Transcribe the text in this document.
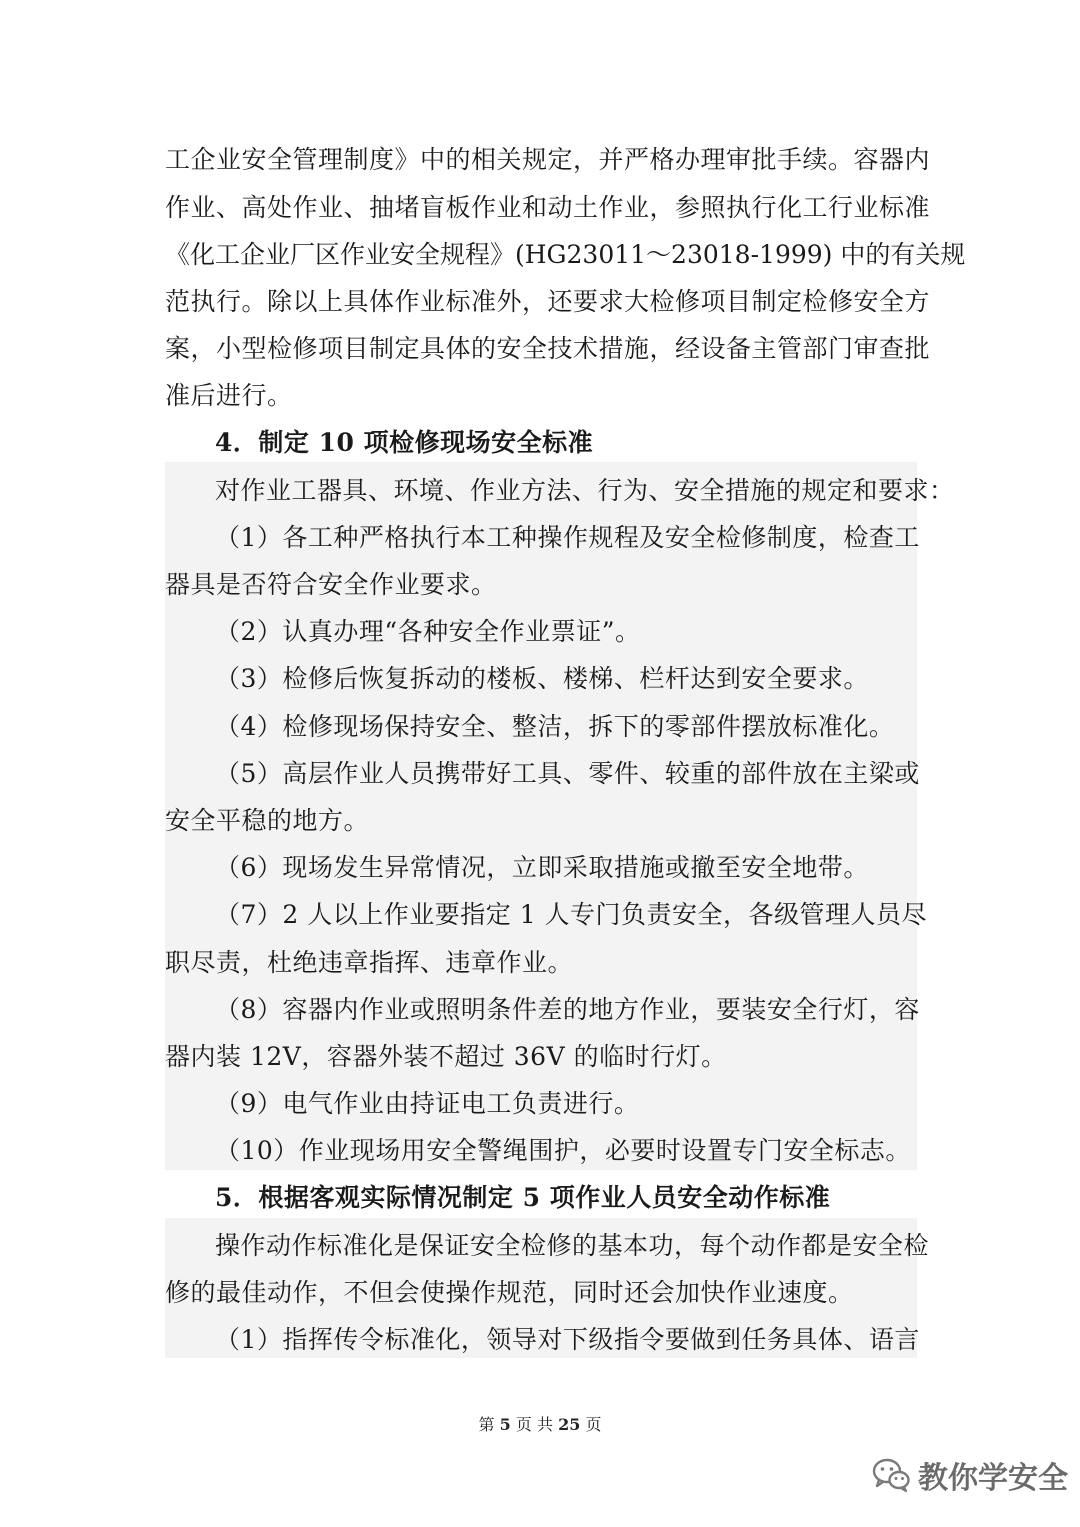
工企业安全管理制度》中的相关规定，并严格办理审批手续。容器内
作业、高处作业、抽堵盲板作业和动土作业，参照执行化工行业标准
《化工企业厂区作业安全规程》(HG23011～23018-1999) 中的有关规
范执行。除以上具体作业标准外，还要求大检修项目制定检修安全方
案，小型检修项目制定具体的安全技术措施，经设备主管部门审查批
准后进行。
4．制定 10 项检修现场安全标准
对作业工器具、环境、作业方法、行为、安全措施的规定和要求：
（1）各工种严格执行本工种操作规程及安全检修制度，检查工
器具是否符合安全作业要求。
（2）认真办理“各种安全作业票证”。
（3）检修后恢复拆动的楼板、楼梯、栏杆达到安全要求。
（4）检修现场保持安全、整洁，拆下的零部件摆放标准化。
（5）高层作业人员携带好工具、零件、较重的部件放在主梁或
安全平稳的地方。
（6）现场发生异常情况，立即采取措施或撤至安全地带。
（7）2 人以上作业要指定 1 人专门负责安全，各级管理人员尽
职尽责，杜绝违章指挥、违章作业。
（8）容器内作业或照明条件差的地方作业，要装安全行灯，容
器内装 12V，容器外装不超过 36V 的临时行灯。
（9）电气作业由持证电工负责进行。
（10）作业现场用安全警绳围护，必要时设置专门安全标志。
5．根据客观实际情况制定 5 项作业人员安全动作标准
操作动作标准化是保证安全检修的基本功，每个动作都是安全检
修的最佳动作，不但会使操作规范，同时还会加快作业速度。
（1）指挥传令标准化，领导对下级指令要做到任务具体、语言
第 5 页 共 25 页
教你学安全
